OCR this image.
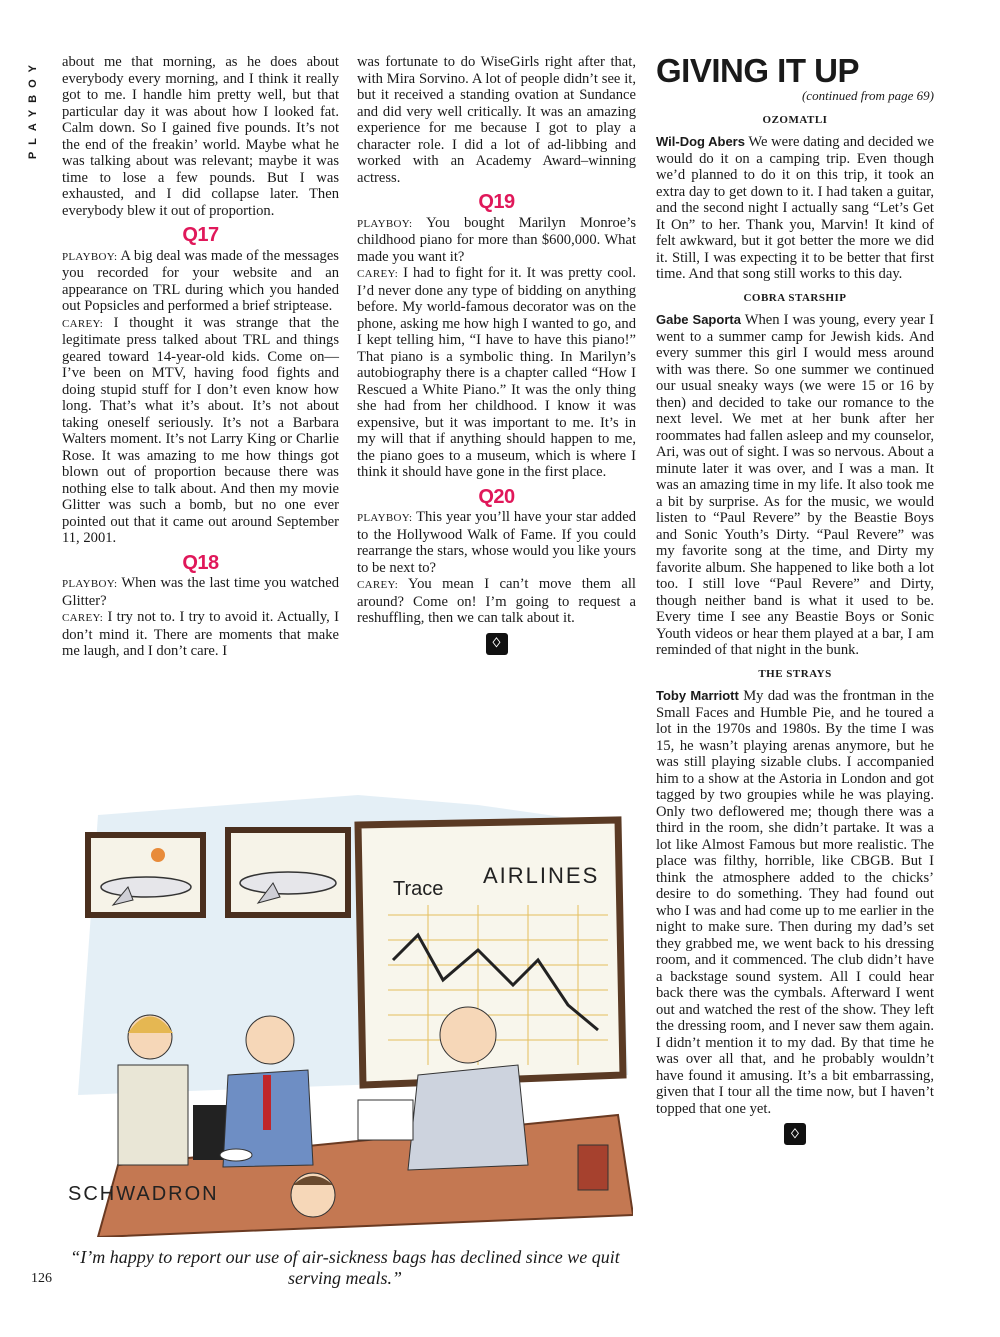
PLAYBOY about me that morning, as he does about everybody every morning, and I think it really got to me. I handle him pretty well, but that particular day it was about how I looked fat. Calm down. So I gained five pounds. It’s not the end of the freakin’ world. Maybe what he was talking about was relevant; maybe it was time to lose a few pounds. But I was exhausted, and I did collapse later. Then everybody blew it out of proportion.

Q17

PLAYBOY: A big deal was made of the messages you recorded for your website and an appearance on TRL during which you handed out Popsicles and performed a brief striptease.

CAREY: I thought it was strange that the legitimate press talked about TRL and things geared toward 14-year-old kids. Come on—I’ve been on MTV, having food fights and doing stupid stuff for I don’t even know how long. That’s what it’s about. It’s not about taking oneself seriously. It’s not a Barbara Walters moment. It’s not Larry King or Charlie Rose. It was amazing to me how things got blown out of proportion because there was nothing else to talk about. And then my movie Glitter was such a bomb, but no one ever pointed out that it came out around September 11, 2001.

Q18

PLAYBOY: When was the last time you watched Glitter?

CAREY: I try not to. I try to avoid it. Actually, I don’t mind it. There are moments that make me laugh, and I don’t care. I

was fortunate to do WiseGirls right after that, with Mira Sorvino. A lot of people didn’t see it, but it received a standing ovation at Sundance and did very well critically. It was an amazing experience for me because I got to play a character role. I did a lot of ad-libbing and worked with an Academy Award–winning actress.

Q19

PLAYBOY: You bought Marilyn Monroe’s childhood piano for more than $600,000. What made you want it?

CAREY: I had to fight for it. It was pretty cool. I’d never done any type of bidding on anything before. My world-famous decorator was on the phone, asking me how high I wanted to go, and I kept telling him, “I have to have this piano!” That piano is a symbolic thing. In Marilyn’s autobiography there is a chapter called “How I Rescued a White Piano.” It was the only thing she had from her childhood. I know it was expensive, but it was important to me. It’s in my will that if anything should happen to me, the piano goes to a museum, which is where I think it should have gone in the first place.

Q20

PLAYBOY: This year you’ll have your star added to the Hollywood Walk of Fame. If you could rearrange the stars, whose would you like yours to be next to?

CAREY: You mean I can’t move them all around? Come on! I’m going to request a reshuffling, then we can talk about it.

♢
GIVING IT UP

(continued from page 69)

OZOMATLI

Wil-Dog Abers We were dating and decided we would do it on a camping trip. Even though we’d planned to do it on this trip, it took an extra day to get down to it. I had taken a guitar, and the second night I actually sang “Let’s Get It On” to her. Thank you, Marvin! It kind of felt awkward, but it got better the more we did it. Still, I was expecting it to be better that first time. And that song still works to this day.

COBRA STARSHIP

Gabe Saporta When I was young, every year I went to a summer camp for Jewish kids. And every summer this girl I would mess around with was there. So one summer we continued our usual sneaky ways (we were 15 or 16 by then) and decided to take our romance to the next level. We met at her bunk after her roommates had fallen asleep and my counselor, Ari, was out of sight. I was so nervous. About a minute later it was over, and I was a man. It was an amazing time in my life. It also took me a bit by surprise. As for the music, we would listen to “Paul Revere” by the Beastie Boys and Sonic Youth’s Dirty. “Paul Revere” was my favorite song at the time, and Dirty my favorite album. She happened to like both a lot too. I still love “Paul Revere” and Dirty, though neither band is what it used to be. Every time I see any Beastie Boys or Sonic Youth videos or hear them played at a bar, I am reminded of that night in the bunk.

THE STRAYS

Toby Marriott My dad was the frontman in the Small Faces and Humble Pie, and he toured a lot in the 1970s and 1980s. By the time I was 15, he wasn’t playing arenas anymore, but he was still playing sizable clubs. I accompanied him to a show at the Astoria in London and got tagged by two groupies while he was playing. Only two deflowered me; though there was a third in the room, she didn’t partake. It was a lot like Almost Famous but more realistic. The place was filthy, horrible, like CBGB. But I think the atmosphere added to the chicks’ desire to do something. They had found out who I was and had come up to me earlier in the night to make sure. Then during my dad’s set they grabbed me, we went back to his dressing room, and it commenced. The club didn’t have a backstage sound system. All I could hear back there was the cymbals. Afterward I went out and watched the rest of the show. They left the dressing room, and I never saw them again. I didn’t mention it to my dad. By that time he was over all that, and he probably wouldn’t have found it amusing. It’s a bit embarrassing, given that I tour all the time now, but I haven’t topped that one yet.

♢
Trace
AIRLINES
SCHWADRON
“I’m happy to report our use of air-sickness bags has declined since we quit serving meals.”
126
